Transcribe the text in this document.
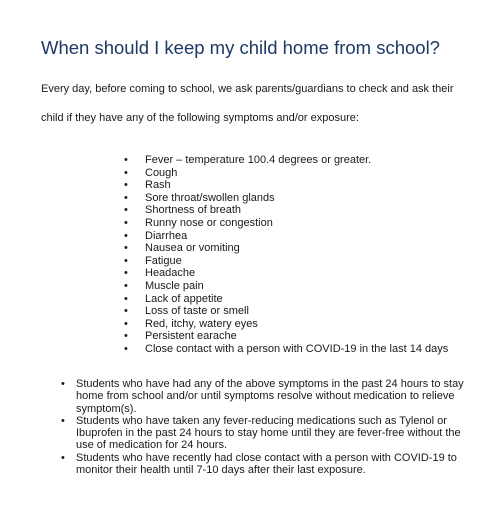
When should I keep my child home from school?

Every day, before coming to school, we ask parents/guardians to check and ask their

child if they have any of the following symptoms and/or exposure:

• Fever – temperature 100.4 degrees or greater.
• Cough
• Rash
• Sore throat/swollen glands
• Shortness of breath
• Runny nose or congestion
• Diarrhea
• Nausea or vomiting
• Fatigue
• Headache
• Muscle pain
• Lack of appetite
• Loss of taste or smell
• Red, itchy, watery eyes
• Persistent earache
• Close contact with a person with COVID-19 in the last 14 days
• Students who have had any of the above symptoms in the past 24 hours to stay home from school and/or until symptoms resolve without medication to relieve symptom(s).
• Students who have taken any fever-reducing medications such as Tylenol or Ibuprofen in the past 24 hours to stay home until they are fever-free without the use of medication for 24 hours.
• Students who have recently had close contact with a person with COVID-19 to monitor their health until 7-10 days after their last exposure.
